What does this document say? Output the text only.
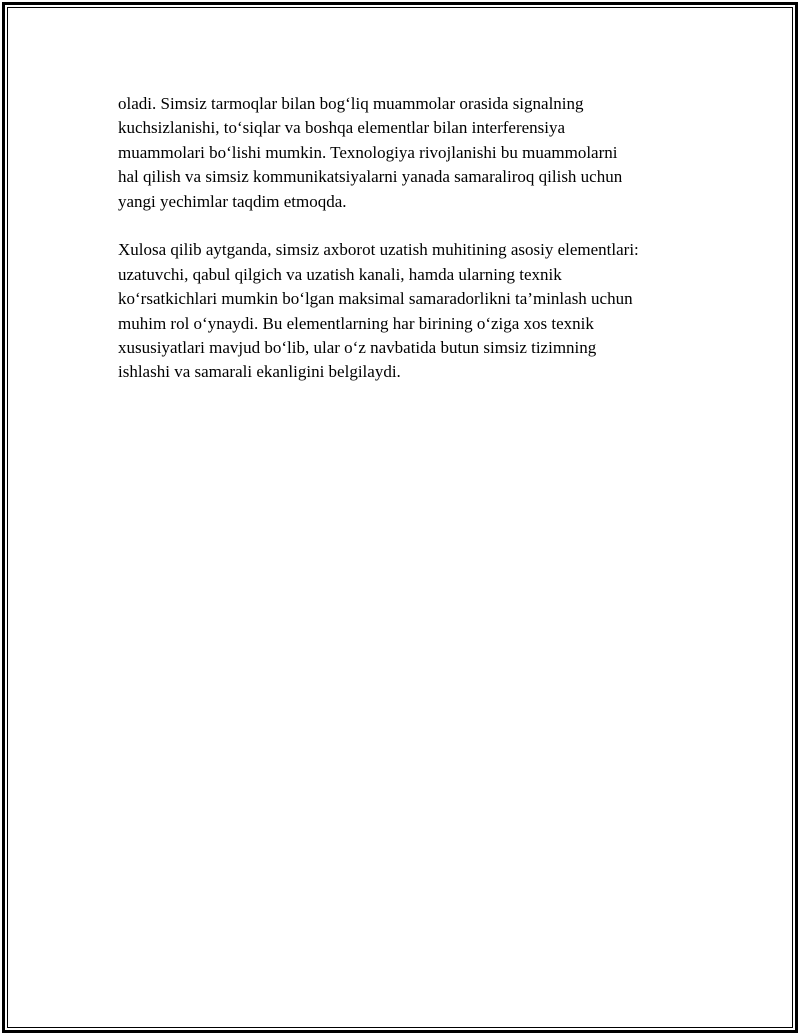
oladi. Simsiz tarmoqlar bilan bog‘liq muammolar orasida signalning
kuchsizlanishi, to‘siqlar va boshqa elementlar bilan interferensiya
muammolari bo‘lishi mumkin. Texnologiya rivojlanishi bu muammolarni
hal qilish va simsiz kommunikatsiyalarni yanada samaraliroq qilish uchun
yangi yechimlar taqdim etmoqda.

Xulosa qilib aytganda, simsiz axborot uzatish muhitining asosiy elementlari:
uzatuvchi, qabul qilgich va uzatish kanali, hamda ularning texnik
ko‘rsatkichlari mumkin bo‘lgan maksimal samaradorlikni ta’minlash uchun
muhim rol o‘ynaydi. Bu elementlarning har birining o‘ziga xos texnik
xususiyatlari mavjud bo‘lib, ular o‘z navbatida butun simsiz tizimning
ishlashi va samarali ekanligini belgilaydi.
